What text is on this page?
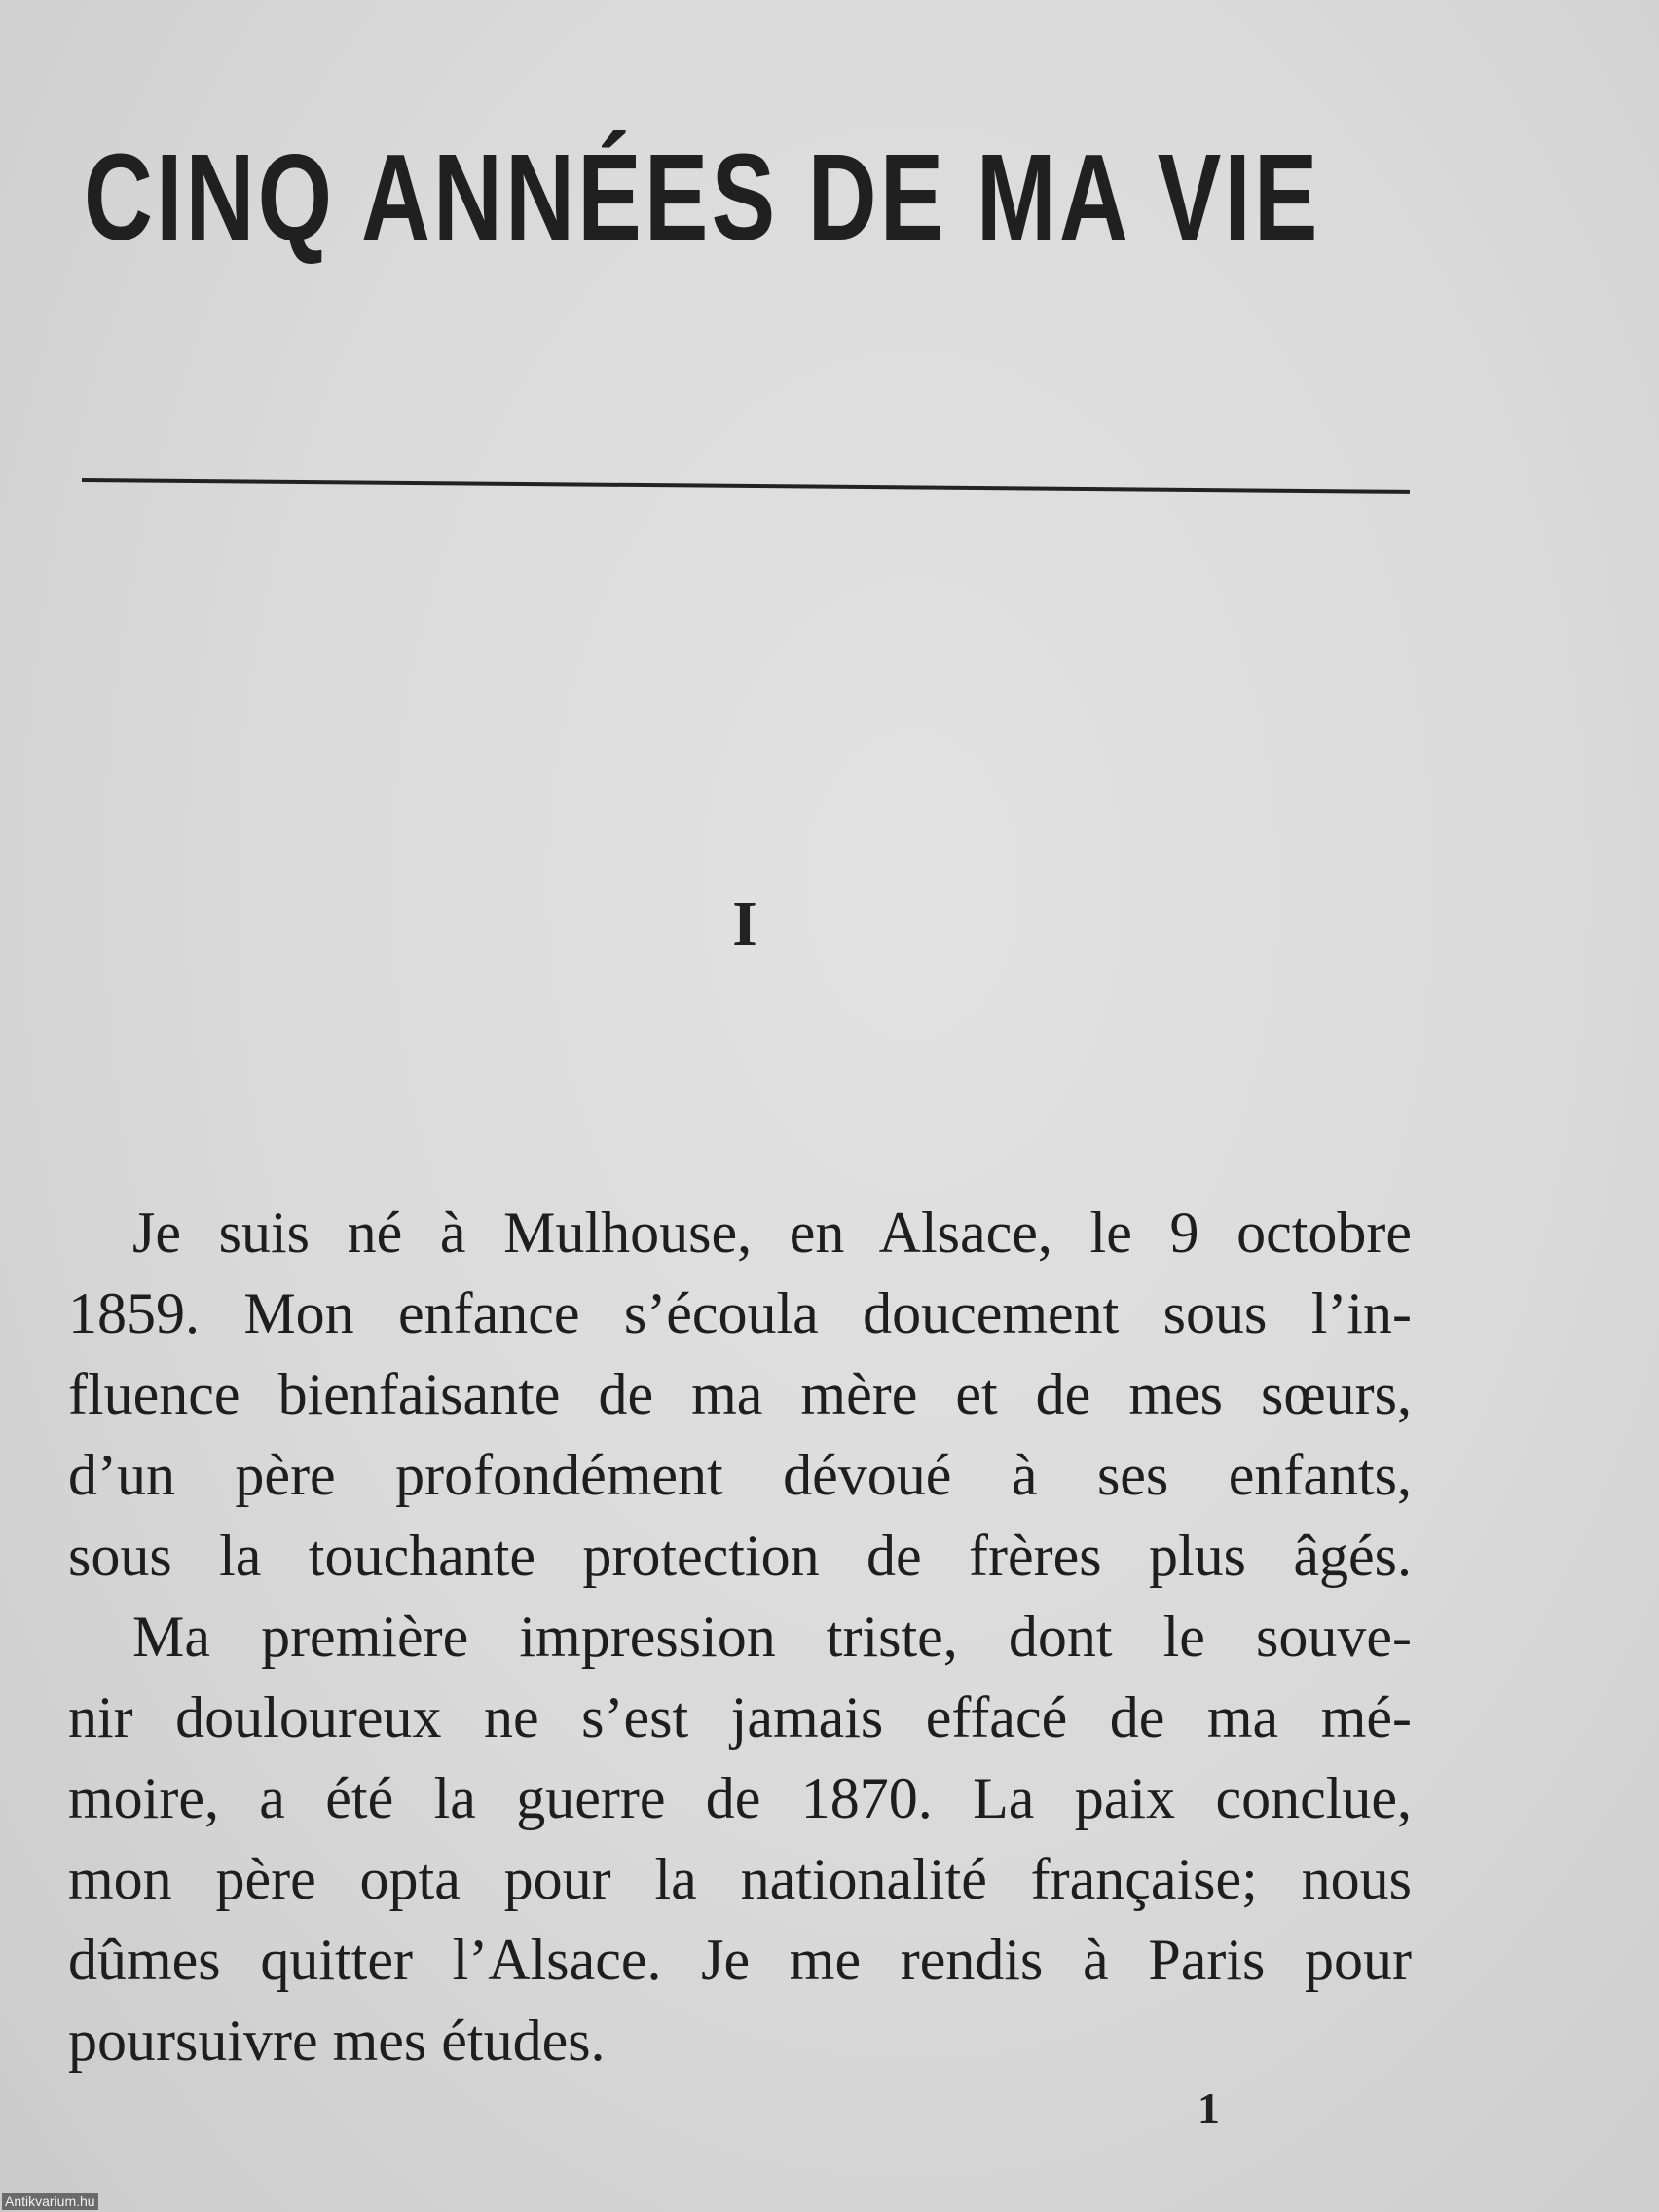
CINQ ANNÉES DE MA VIE
I
Je suis né à Mulhouse, en Alsace, le 9 octobre
1859. Mon enfance s’écoula doucement sous l’in-
fluence bienfaisante de ma mère et de mes sœurs,
d’un père profondément dévoué à ses enfants,
sous la touchante protection de frères plus âgés.
Ma première impression triste, dont le souve-
nir douloureux ne s’est jamais effacé de ma mé-
moire, a été la guerre de 1870. La paix conclue,
mon père opta pour la nationalité française; nous
dûmes quitter l’Alsace. Je me rendis à Paris pour
poursuivre mes études.
1
Antikvarium.hu
